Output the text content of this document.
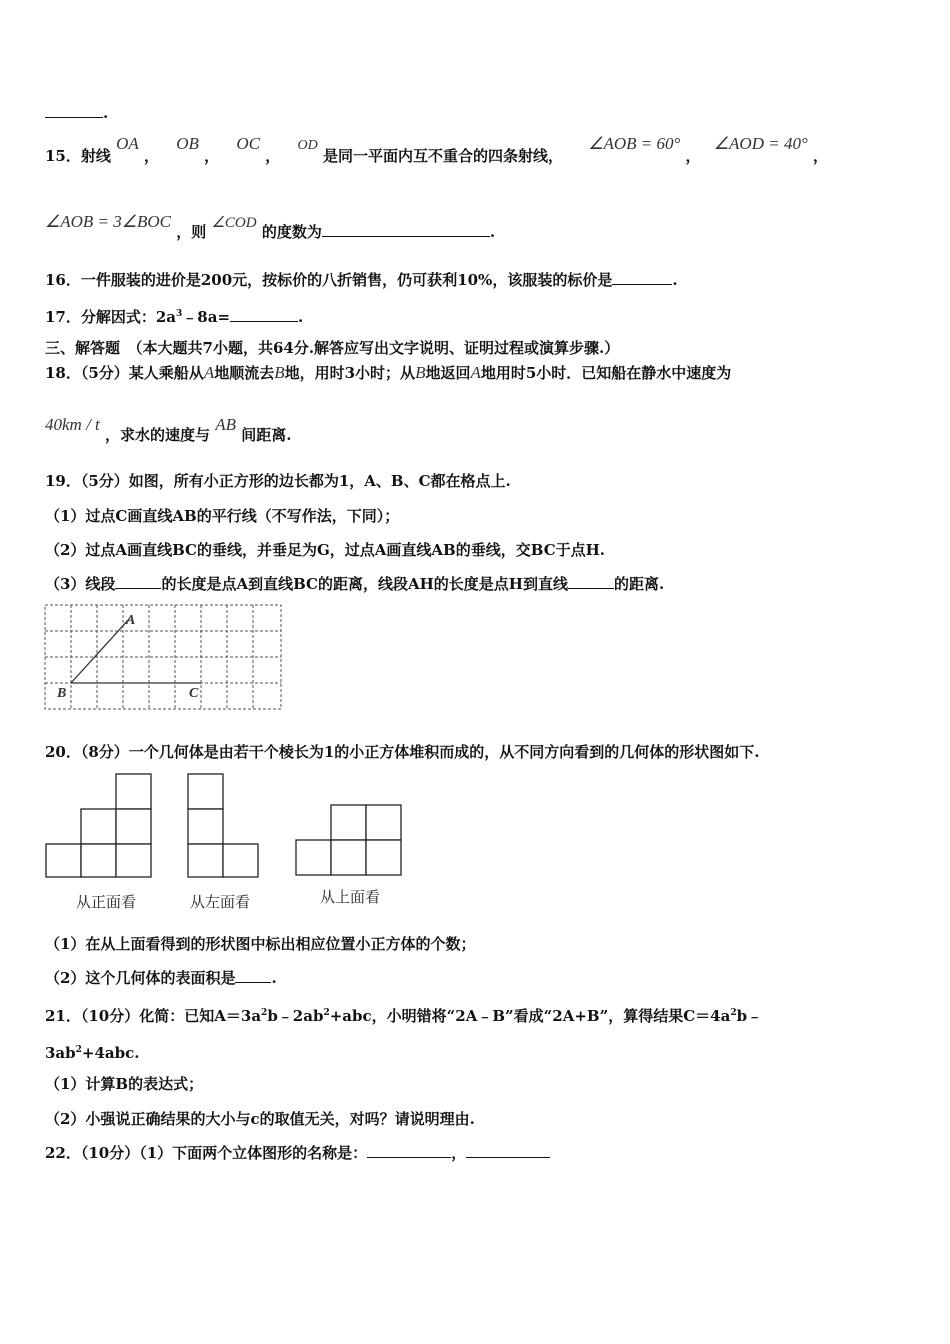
.
15．射线 OA ， OB ， OC ， OD 是同一平面内互不重合的四条射线， ∠AOB = 60° ， ∠AOD = 40° ，
∠AOB = 3∠BOC ，则 ∠COD 的度数为	.
16．一件服装的进价是200元，按标价的八折销售，仍可获利10%，该服装的标价是	.
17．分解因式：$2a^3﹣8a=$	.
三、解答题　（本大题共7小题，共64分.解答应写出文字说明、证明过程或演算步骤.）
18．（5分）某人乘船从A地顺流去B地，用时3小时；从B地返回A地用时5小时．已知船在静水中速度为
40km / t ，求水的速度与 AB 间距离.
19．（5分）如图，所有小正方形的边长都为1，A、B、C都在格点上.
（1）过点C画直线AB的平行线（不写作法，下同）；
（2）过点A画直线BC的垂线，并垂足为G，过点A画直线AB的垂线，交BC于点H.
（3）线段	的长度是点A到直线BC的距离，线段AH的长度是点H到直线	的距离.
A
B	C
20．（8分）一个几何体是由若干个棱长为1的小正方体堆积而成的，从不同方向看到的几何体的形状图如下.
从正面看	从左面看	从上面看
（1）在从上面看得到的形状图中标出相应位置小正方体的个数；
（2）这个几何体的表面积是 .
21．（10分）化简：已知$A=3a^2b﹣2ab^2+abc$，小明错将“2A﹣B”看成“2A+B”，算得结果$C=4a^2b﹣$
$3ab^2+4abc$.
（1）计算B的表达式；
（2）小强说正确结果的大小与c的取值无关，对吗？请说明理由.
22．（10分）（1）下面两个立体图形的名称是：	，
